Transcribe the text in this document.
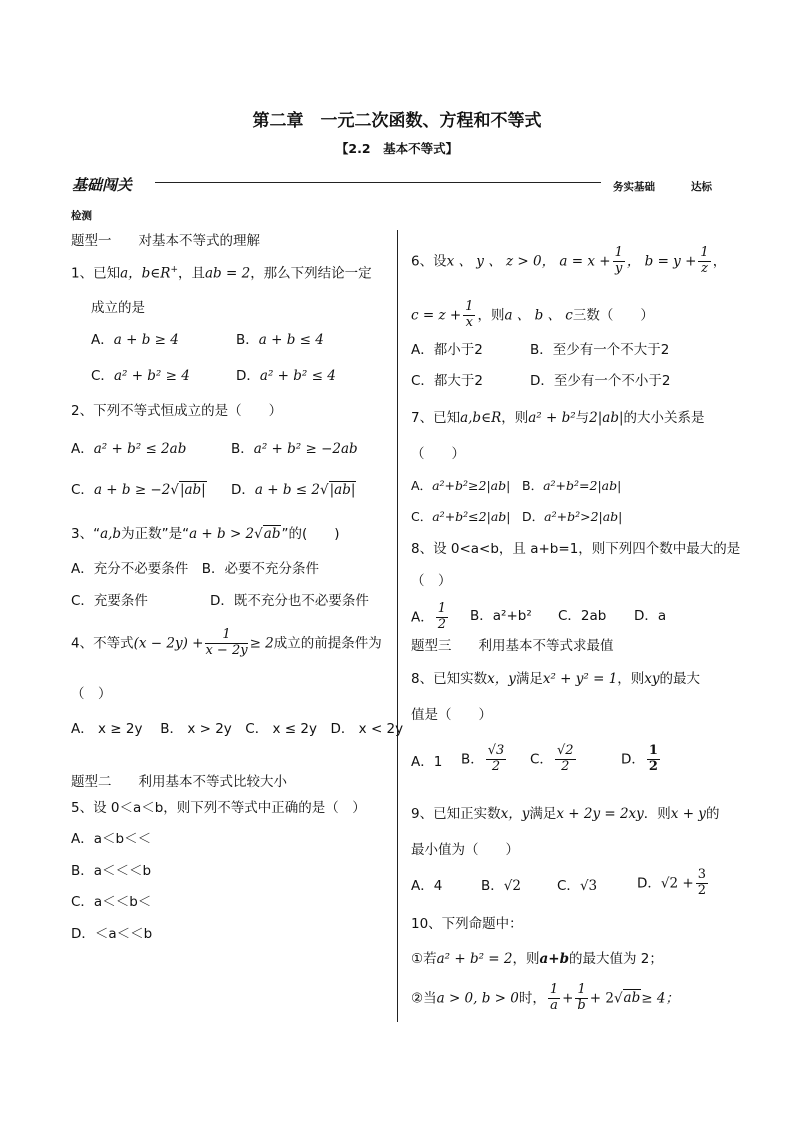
第二章　一元二次函数、方程和不等式
【2.2　基本不等式】
基础闯关	务实基础	达标
检测
题型一　　对基本不等式的理解
1、已知a，b∈R+，且ab = 2，那么下列结论一定
成立的是
A．a + b ≥ 4	B．a + b ≤ 4
C．a² + b² ≥ 4	D．a² + b² ≤ 4
2、下列不等式恒成立的是（　　）
A．a² + b² ≤ 2ab	B．a² + b² ≥ −2ab
C．a + b ≥ −2√|ab| D．a + b ≤ 2√|ab|
3、“a,b为正数”是“a + b > 2√ab”的(　　)
A．充分不必要条件　B．必要不充分条件
C．充要条件	D．既不充分也不必要条件
4、不等式$(x - 2y) + \frac{1}{x - 2y} \ge 2$成立的前提条件为
（　）
A． x ≥ 2y　 B． x > 2y　C． x ≤ 2y　D． x < 2y
题型二　　利用基本不等式比较大小
5、设 0＜a＜b，则下列不等式中正确的是（　）
A．a＜b＜＜
B．a＜＜＜b
C．a＜＜b＜
D．＜a＜＜b
6、设x 、 y 、 z > 0， $a = x + \frac{1}{y}$ ， $b = y + \frac{1}{z}$ ，
$c = z + \frac{1}{x}$ ，则a 、 b 、 c三数（　　）
A．都小于2	B．至少有一个不大于2
C．都大于2	D．至少有一个不小于2
7、已知a,b∈R，则a² + b²与2|ab|的大小关系是
（　　）
A．a²+b²≥2|ab| B．a²+b²=2|ab|
C．a²+b²≤2|ab| D．a²+b²>2|ab|
8、设 0<a<b，且 a+b=1，则下列四个数中最大的是
（　）
A． $\frac{1}{2}$ B．a²+b² C．2ab D．a
题型三　　利用基本不等式求最值
8、已知实数x，y满足x² + y² = 1，则xy的最大
值是（　　）
A．1 B． $\frac{√3}{2}$ C． $\frac{√2}{2}$	D． $\frac{1}{2}$
9、已知正实数x，y满足x + 2y = 2xy．则x + y的
最小值为（　　）
A．4	B．√2	C．√3	D．$√2 + \frac{3}{2}$
10、下列命题中：
①若a² + b² = 2，则a+b的最大值为 2；
②当a > 0, b > 0时， $\frac{1}{a} + \frac{1}{b} + 2√ab\ge 4$；
